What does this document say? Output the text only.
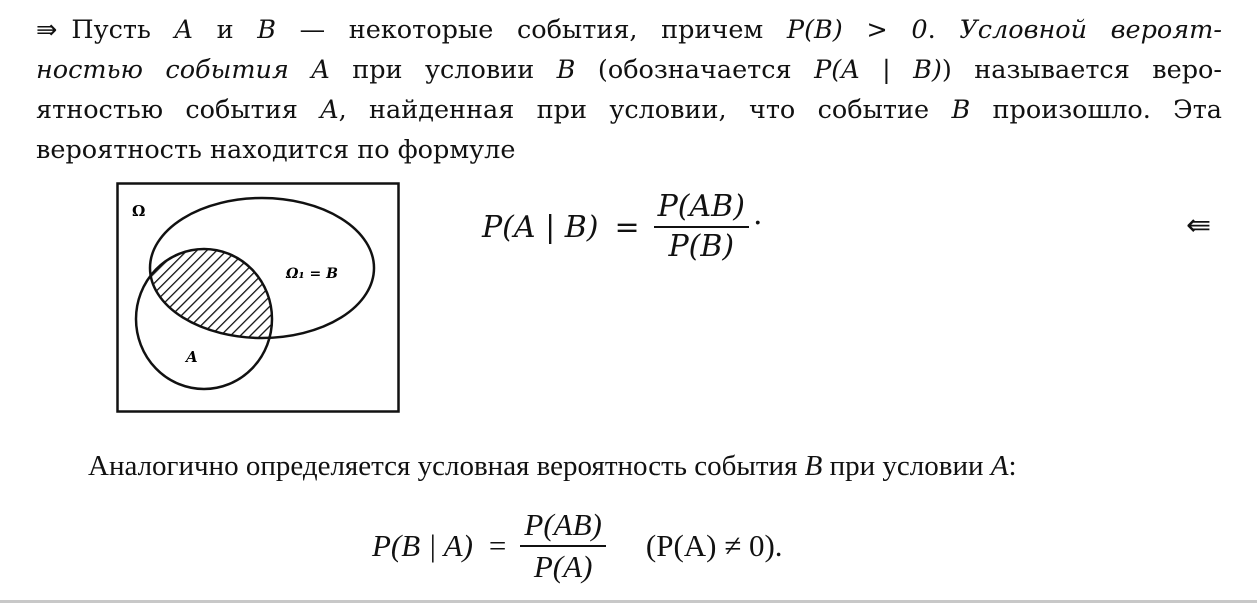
⇛ Пусть A и B — некоторые события, причем P(B) > 0. Условной вероят-
ностью события A при условии B (обозначается P(A | B)) называется веро-
ятностью события A, найденная при условии, что событие B произошло. Эта
вероятность находится по формуле
Ω
Ω₁ = B
A
P(A | $B) = \frac{P(AB)}{P(B)}$ .	⇚
Аналогично определяется условная вероятность события B при условии A:
P(B | $A) = \frac{P(AB)}{P(A)} (P(A) \ne 0)$.
